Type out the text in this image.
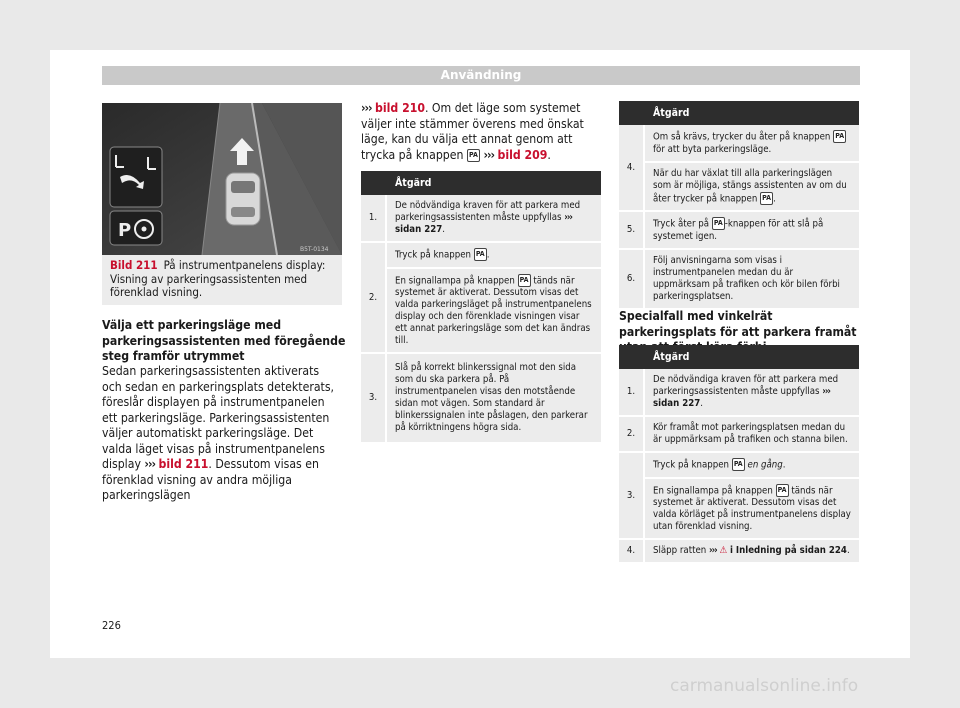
Användning
P
B5T-0134
Bild 211 På instrumentpanelens display: Visning av parkeringsassistenten med förenklad visning.
Välja ett parkeringsläge med parkeringsassistenten med föregående steg framför utrymmet
Sedan parkeringsassistenten aktiverats och sedan en parkeringsplats detekterats, föreslår displayen på instrumentpanelen ett parkeringsläge. Parkeringsassistenten väljer automatiskt parkeringsläge. Det valda läget visas på instrumentpanelens display ››› bild 211. Dessutom visas en förenklad visning av andra möjliga parkeringslägen
››› bild 210. Om det läge som systemet väljer inte stämmer överens med önskat läge, kan du välja ett annat genom att trycka på knappen PA ››› bild 209.
	Åtgärd
1.	De nödvändiga kraven för att parkera med parkeringsassistenten måste uppfyllas ››› sidan 227.
2.	Tryck på knappen PA .
En signallampa på knappen PA tänds när systemet är aktiverat. Dessutom visas det valda parkeringsläget på instrumentpanelens display och den förenklade visningen visar ett annat parkeringsläge som det kan ändras till.
3.	Slå på korrekt blinkerssignal mot den sida som du ska parkera på. På instrumentpanelen visas den motstående sidan mot vägen. Som standard är blinkerssignalen inte påslagen, den parkerar på körriktningens högra sida.
	Åtgärd
4.	Om så krävs, trycker du åter på knappen PA för att byta parkeringsläge.
När du har växlat till alla parkeringslägen som är möjliga, stängs assistenten av om du åter trycker på knappen PA .
5.	Tryck åter på PA -knappen för att slå på systemet igen.
6.	Följ anvisningarna som visas i instrumentpanelen medan du är uppmärksam på trafiken och kör bilen förbi parkeringsplatsen.
Specialfall med vinkelrät parkeringsplats för att parkera framåt
	Åtgärd
1.	De nödvändiga kraven för att parkera med parkeringsassistenten måste uppfyllas ››› sidan 227.
2.	Kör framåt mot parkeringsplatsen medan du är uppmärksam på trafiken och stanna bilen.
3.	Tryck på knappen PA en gång.
En signallampa på knappen PA tänds när systemet är aktiverat. Dessutom visas det valda körläget på instrumentpanelens display utan förenklad visning.
4.	Släpp ratten ››› ⚠ i Inledning på sidan 224.
226
carmanualsonline.info
